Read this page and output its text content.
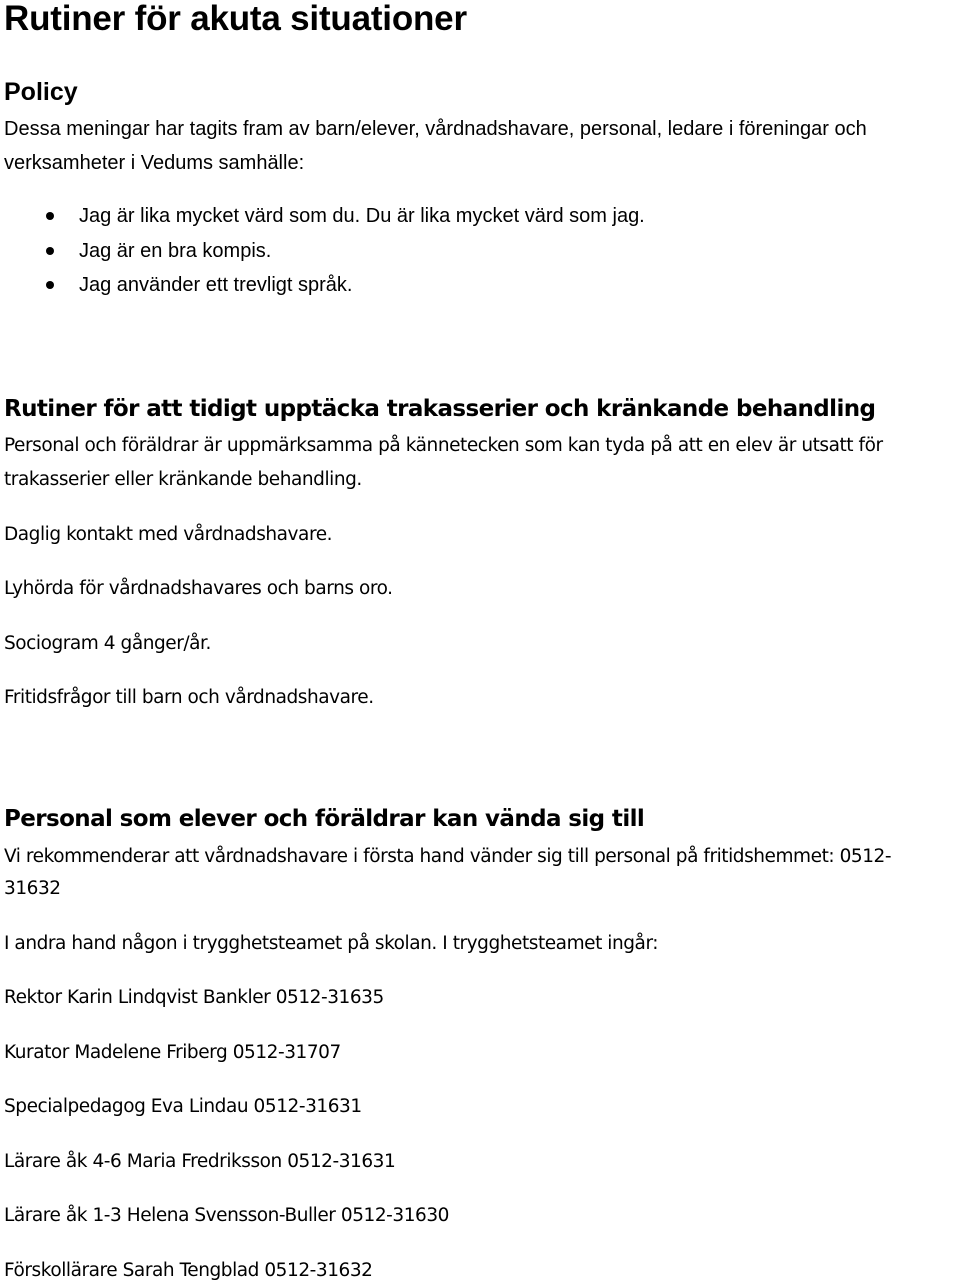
Rutiner för akuta situationer
Policy

Dessa meningar har tagits fram av barn/elever, vårdnadshavare, personal, ledare i föreningar och

verksamheter i Vedums samhälle:

Jag är lika mycket värd som du. Du är lika mycket värd som jag.
Jag är en bra kompis.
Jag använder ett trevligt språk.
Rutiner för att tidigt upptäcka trakasserier och kränkande behandling

Personal och föräldrar är uppmärksamma på kännetecken som kan tyda på att en elev är utsatt för

trakasserier eller kränkande behandling.

Daglig kontakt med vårdnadshavare.

Lyhörda för vårdnadshavares och barns oro.

Sociogram 4 gånger/år.

Fritidsfrågor till barn och vårdnadshavare.

Personal som elever och föräldrar kan vända sig till

Vi rekommenderar att vårdnadshavare i första hand vänder sig till personal på fritidshemmet: 0512-

31632

I andra hand någon i trygghetsteamet på skolan. I trygghetsteamet ingår:

Rektor Karin Lindqvist Bankler 0512-31635

Kurator Madelene Friberg 0512-31707

Specialpedagog Eva Lindau 0512-31631

Lärare åk 4-6 Maria Fredriksson 0512-31631

Lärare åk 1-3 Helena Svensson-Buller 0512-31630

Förskollärare Sarah Tengblad 0512-31632
